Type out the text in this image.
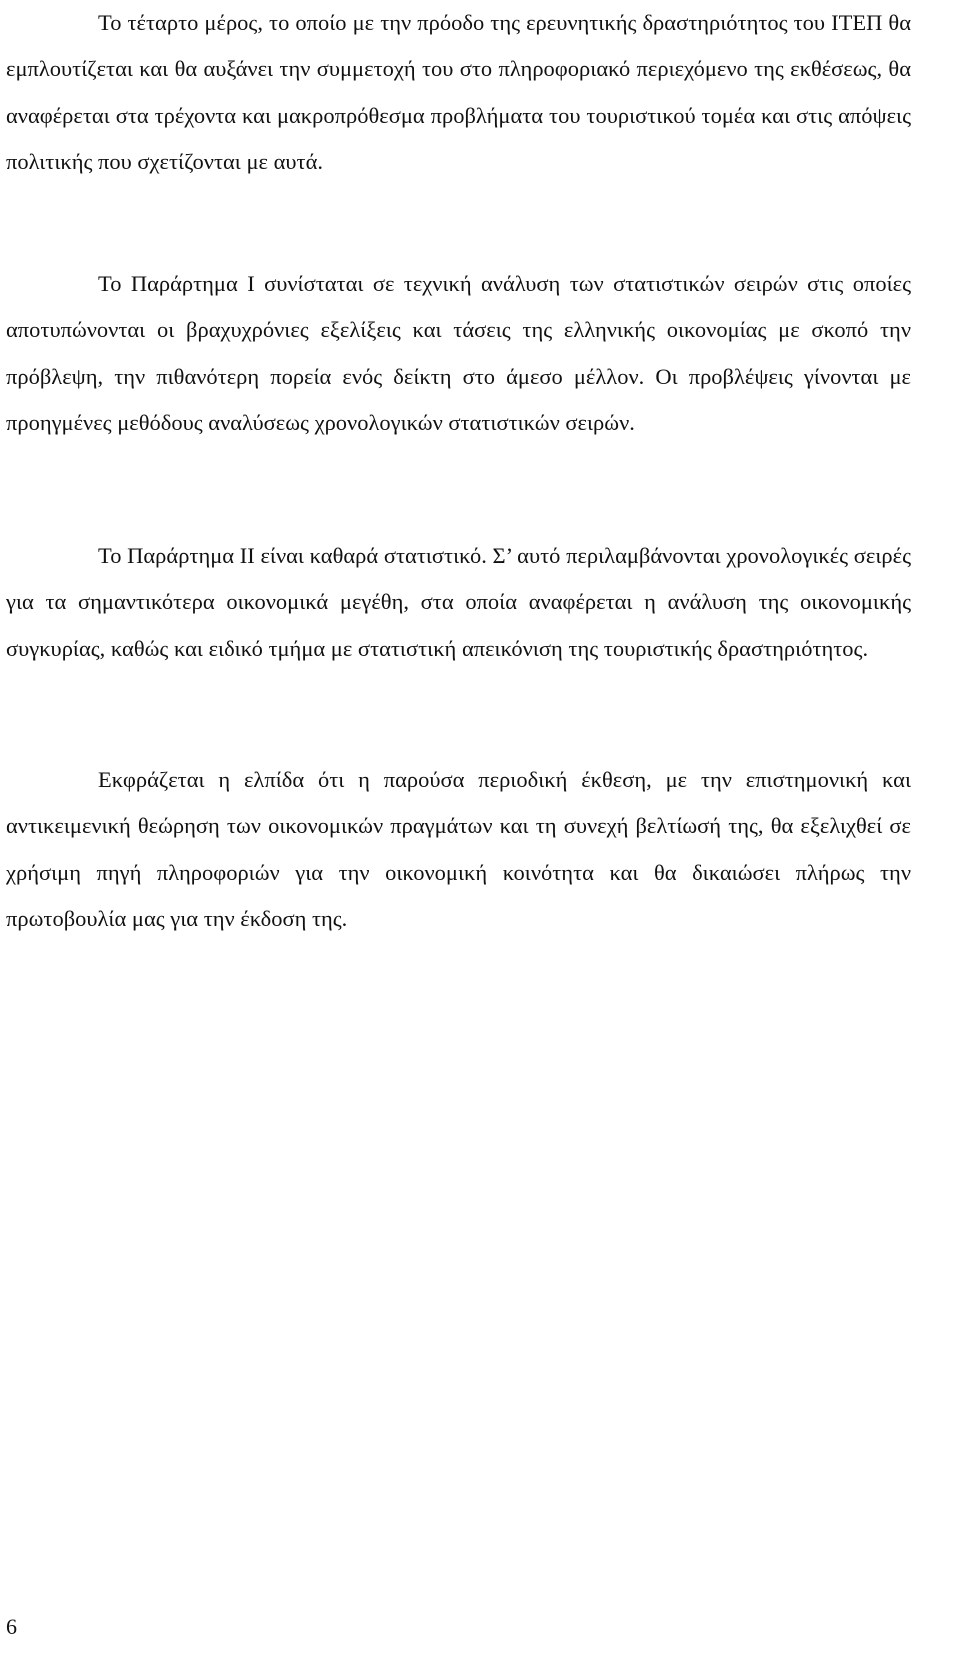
Το τέταρτο μέρος, το οποίο με την πρόοδο της ερευνητικής δραστηριότητος του ΙΤΕΠ θα εμπλουτίζεται και θα αυξάνει την συμμετοχή του στο πληροφοριακό περιεχόμενο της εκθέσεως, θα αναφέρεται στα τρέχοντα και μακροπρόθεσμα προβλήματα του τουριστικού τομέα και στις απόψεις πολιτικής που σχετίζονται με αυτά.

Το Παράρτημα Ι συνίσταται σε τεχνική ανάλυση των στατιστικών σειρών στις οποίες αποτυπώνονται οι βραχυχρόνιες εξελίξεις και τάσεις της ελληνικής οικονομίας με σκοπό την πρόβλεψη, την πιθανότερη πορεία ενός δείκτη στο άμεσο μέλλον. Οι προβλέψεις γίνονται με προηγμένες μεθόδους αναλύσεως χρονολογικών στατιστικών σειρών.

Το Παράρτημα ΙΙ είναι καθαρά στατιστικό. Σ’ αυτό περιλαμβάνονται χρονολογικές σειρές για τα σημαντικότερα οικονομικά μεγέθη, στα οποία αναφέρεται η ανάλυση της οικονομικής συγκυρίας, καθώς και ειδικό τμήμα με στατιστική απεικόνιση της τουριστικής δραστηριότητος.

Εκφράζεται η ελπίδα ότι η παρούσα περιοδική έκθεση, με την επιστημονική και αντικειμενική θεώρηση των οικονομικών πραγμάτων και τη συνεχή βελτίωσή της, θα εξελιχθεί σε χρήσιμη πηγή πληροφοριών για την οικονομική κοινότητα και θα δικαιώσει πλήρως την πρωτοβουλία μας για την έκδοση της.

6
